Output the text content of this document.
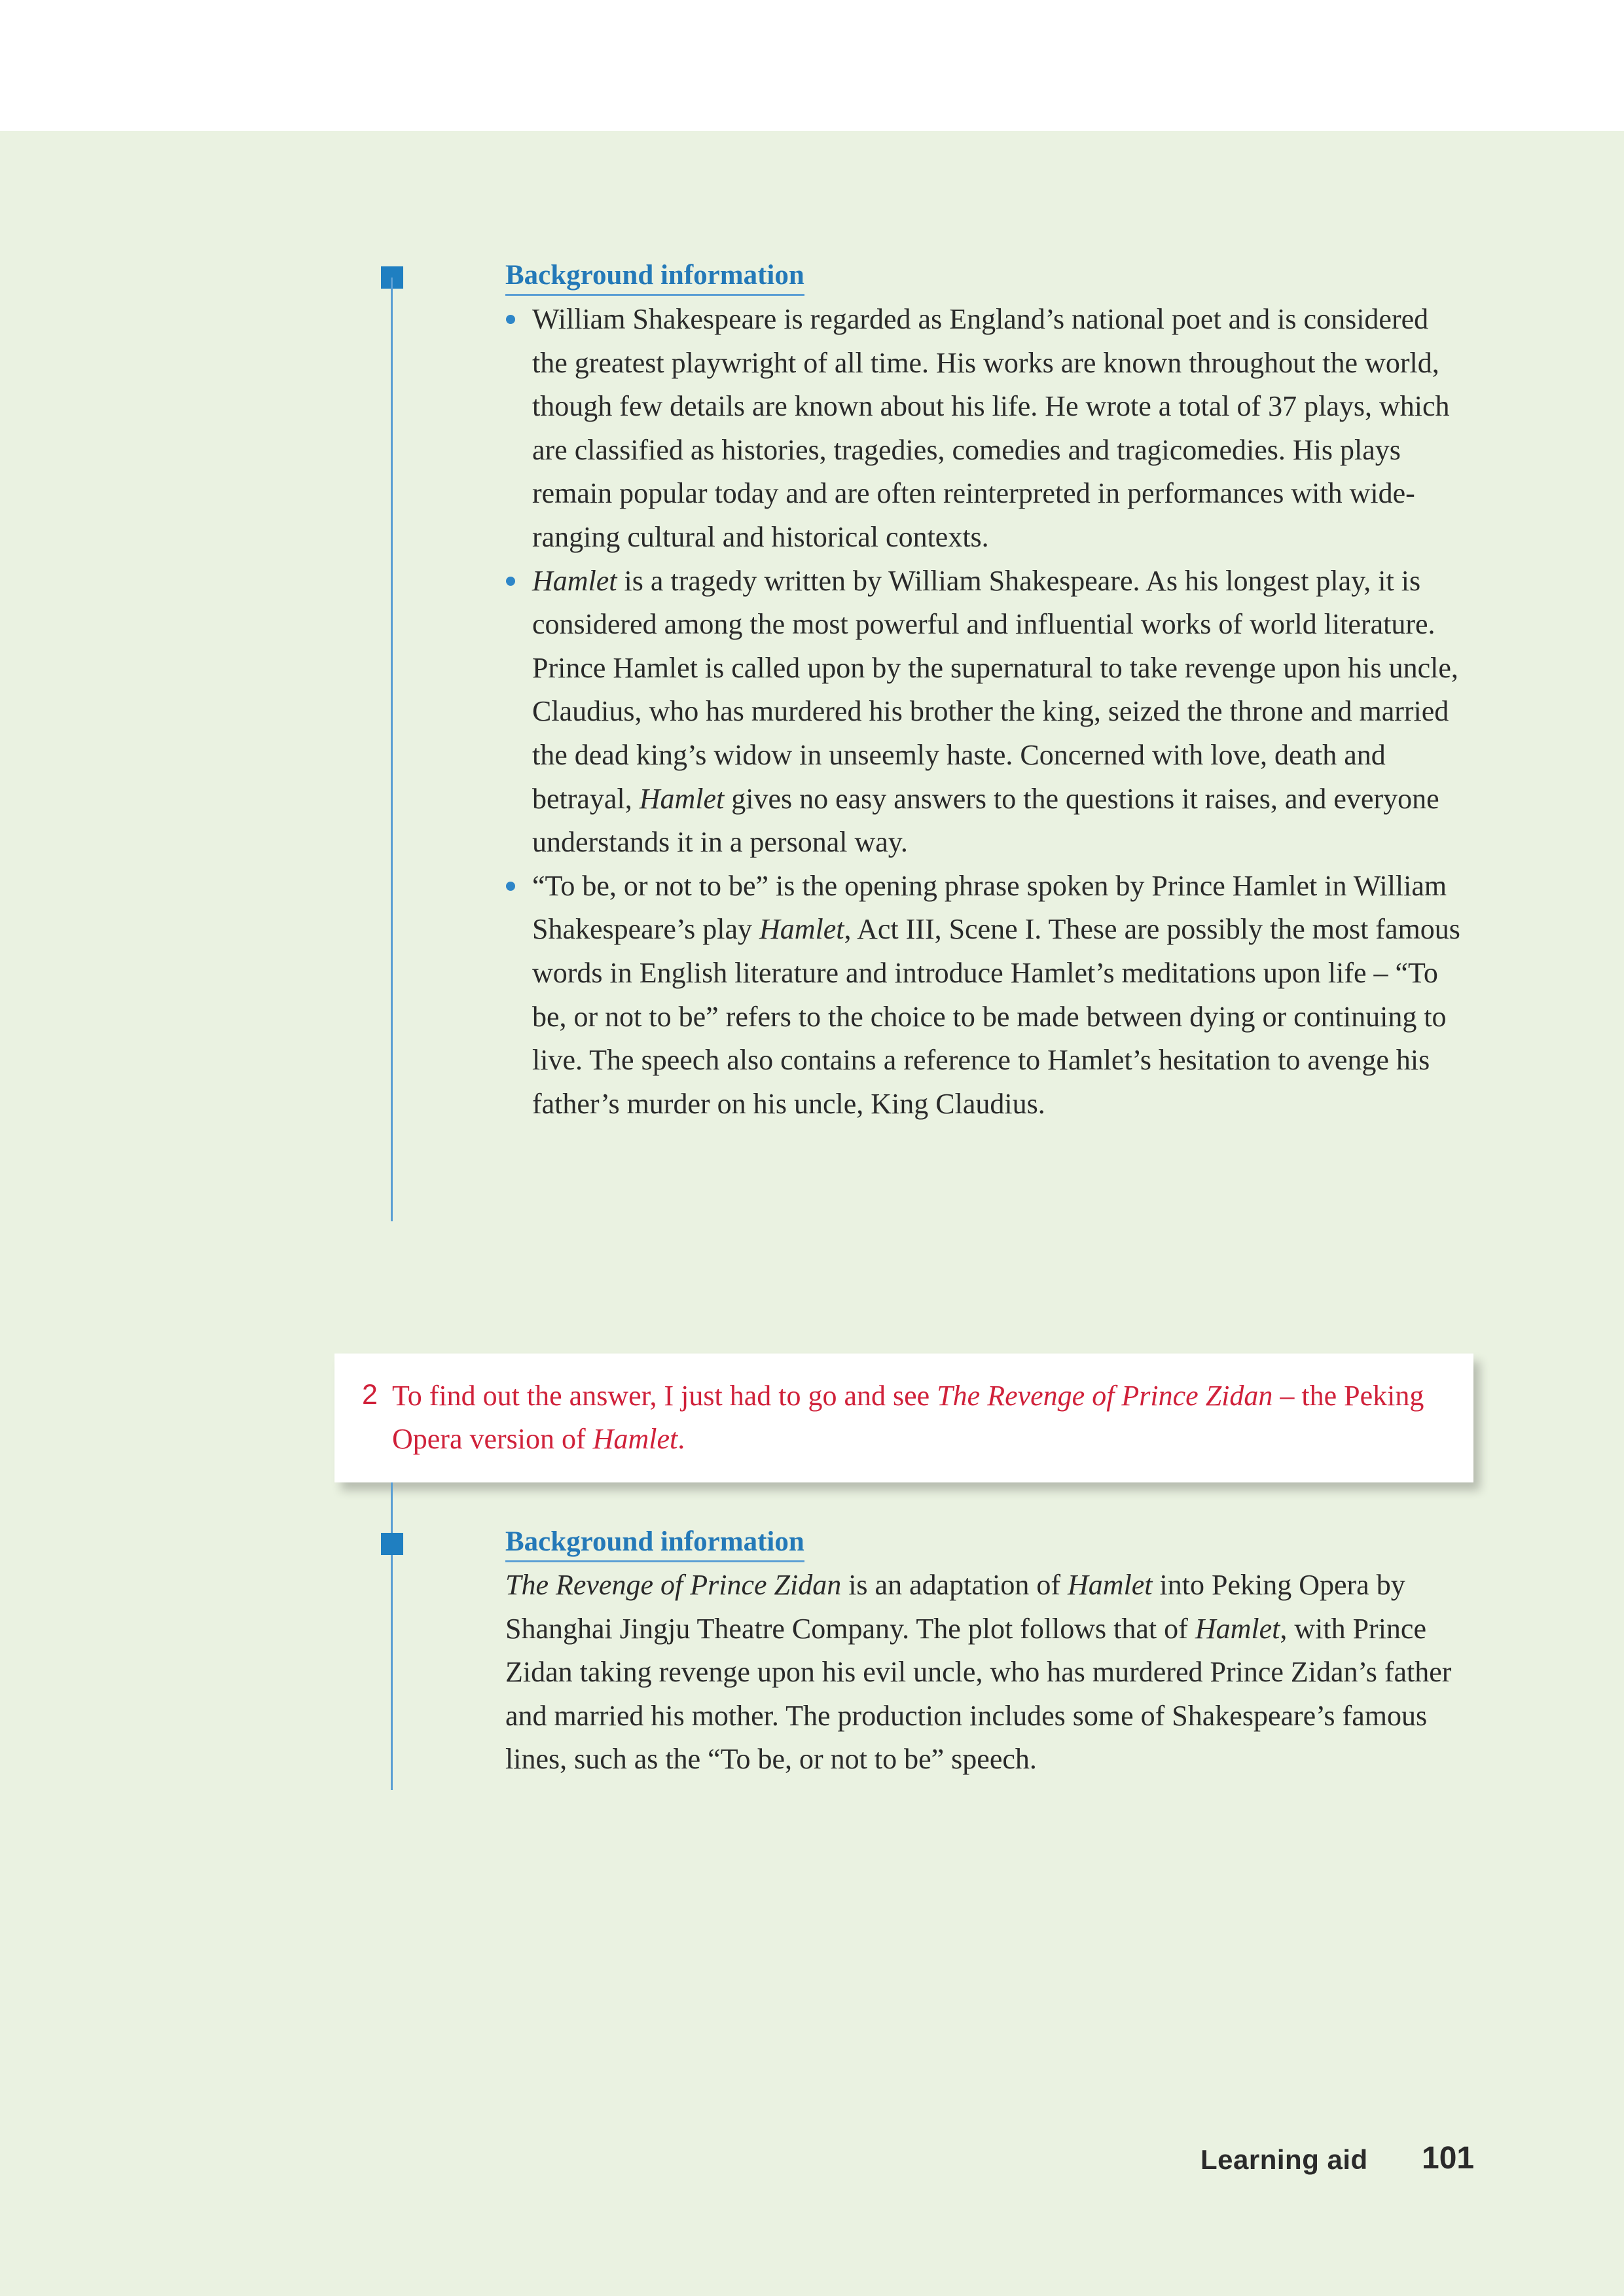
Background information
William Shakespeare is regarded as England’s national poet and is considered the greatest playwright of all time. His works are known throughout the world, though few details are known about his life. He wrote a total of 37 plays, which are classified as histories, tragedies, comedies and tragicomedies. His plays remain popular today and are often reinterpreted in performances with wide-ranging cultural and historical contexts.
Hamlet is a tragedy written by William Shakespeare. As his longest play, it is considered among the most powerful and influential works of world literature. Prince Hamlet is called upon by the supernatural to take revenge upon his uncle, Claudius, who has murdered his brother the king, seized the throne and married the dead king’s widow in unseemly haste. Concerned with love, death and betrayal, Hamlet gives no easy answers to the questions it raises, and everyone understands it in a personal way.
“To be, or not to be” is the opening phrase spoken by Prince Hamlet in William Shakespeare’s play Hamlet, Act III, Scene I. These are possibly the most famous words in English literature and introduce Hamlet’s meditations upon life – “To be, or not to be” refers to the choice to be made between dying or continuing to live. The speech also contains a reference to Hamlet’s hesitation to avenge his father’s murder on his uncle, King Claudius.
2 To find out the answer, I just had to go and see The Revenge of Prince Zidan – the Peking Opera version of Hamlet.

Background information

The Revenge of Prince Zidan is an adaptation of Hamlet into Peking Opera by Shanghai Jingju Theatre Company. The plot follows that of Hamlet, with Prince Zidan taking revenge upon his evil uncle, who has murdered Prince Zidan’s father and married his mother. The production includes some of Shakespeare’s famous lines, such as the “To be, or not to be” speech.

Learning aid 101
